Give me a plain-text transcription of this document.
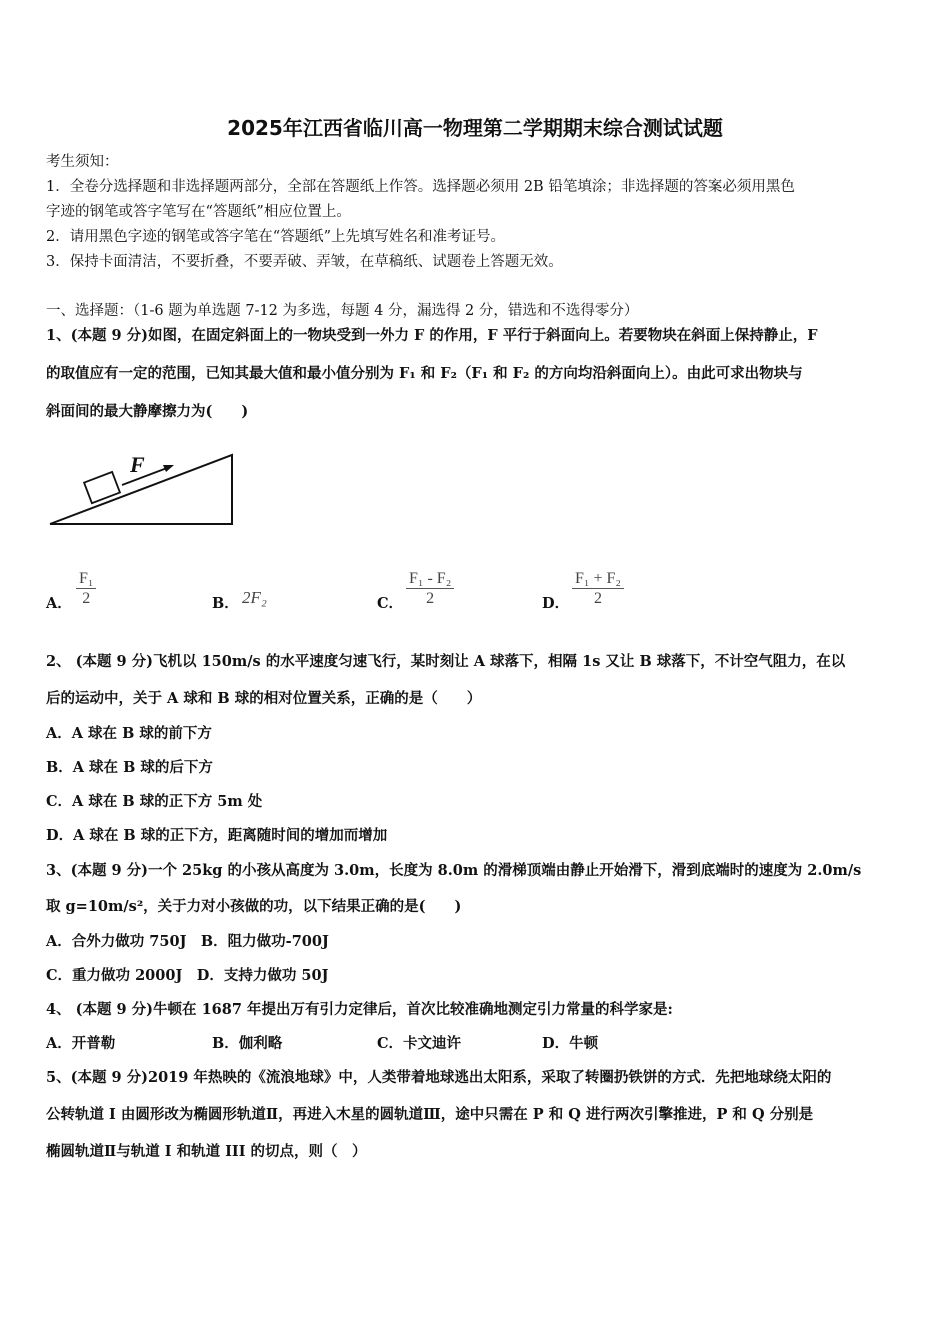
2025年江西省临川高一物理第二学期期末综合测试试题
考生须知：
1．全卷分选择题和非选择题两部分，全部在答题纸上作答。选择题必须用 2B 铅笔填涂；非选择题的答案必须用黑色
字迹的钢笔或答字笔写在“答题纸”相应位置上。
2．请用黑色字迹的钢笔或答字笔在“答题纸”上先填写姓名和准考证号。
3．保持卡面清洁，不要折叠，不要弄破、弄皱，在草稿纸、试题卷上答题无效。
一、选择题：（1-6 题为单选题 7-12 为多选，每题 4 分，漏选得 2 分，错选和不选得零分）
1、(本题 9 分)如图，在固定斜面上的一物块受到一外力 F 的作用，F 平行于斜面向上。若要物块在斜面上保持静止，F
的取值应有一定的范围，已知其最大值和最小值分别为 F₁ 和 F₂（F₁ 和 F₂ 的方向均沿斜面向上）。由此可求出物块与
斜面间的最大静摩擦力为(　　)
F
A． $\frac{\text{F₁}}{2}$	B． 2F₂	C． $\frac{\text{F₁ - F₂}}{2}$	D． $\frac{\text{F₁ + F₂}}{2}$
2、 (本题 9 分)飞机以 150m/s 的水平速度匀速飞行，某时刻让 A 球落下，相隔 1s 又让 B 球落下，不计空气阻力，在以
后的运动中，关于 A 球和 B 球的相对位置关系，正确的是（　　）
A．A 球在 B 球的前下方
B．A 球在 B 球的后下方
C．A 球在 B 球的正下方 5m 处
D．A 球在 B 球的正下方，距离随时间的增加而增加
3、(本题 9 分)一个 25kg 的小孩从高度为 3.0m，长度为 8.0m 的滑梯顶端由静止开始滑下，滑到底端时的速度为 2.0m/s
取 g=10m/s²，关于力对小孩做的功，以下结果正确的是(　　)
A．合外力做功 750J　B．阻力做功-700J
C．重力做功 2000J　D．支持力做功 50J
4、 (本题 9 分)牛顿在 1687 年提出万有引力定律后，首次比较准确地测定引力常量的科学家是:
A．开普勒	B．伽利略	C．卡文迪许	D．牛顿
5、(本题 9 分)2019 年热映的《流浪地球》中，人类带着地球逃出太阳系，采取了转圈扔铁饼的方式．先把地球绕太阳的
公转轨道 I 由圆形改为椭圆形轨道Ⅱ，再进入木星的圆轨道Ⅲ，途中只需在 P 和 Q 进行两次引擎推进，P 和 Q 分别是
椭圆轨道Ⅱ与轨道 I 和轨道 III 的切点，则（　）
